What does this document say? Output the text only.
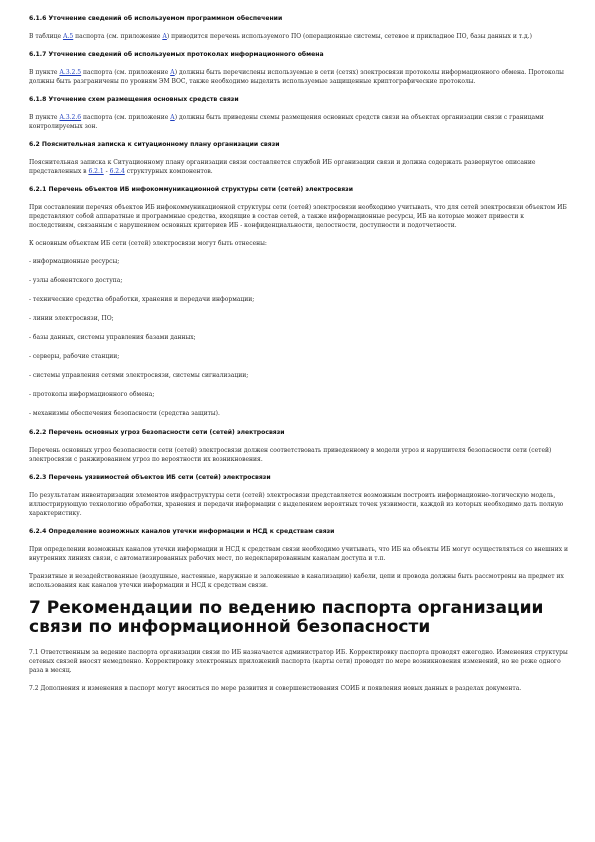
6.1.6 Уточнение сведений об используемом программном обеспечении
В таблице А.5 паспорта (см. приложение А) приводится перечень используемого ПО (операционные системы, сетевое и прикладное ПО, базы данных и т.д.)
6.1.7 Уточнение сведений об используемых протоколах информационного обмена
В пункте А.3.2.5 паспорта (см. приложение А) должны быть перечислены используемые в сети (сетях) электросвязи протоколы информационного обмена. Протоколы должны быть разграничены по уровням ЭМ ВОС, также необходимо выделить используемые защищенные криптографические протоколы.
6.1.8 Уточнение схем размещения основных средств связи
В пункте А.3.2.6 паспорта (см. приложение А) должны быть приведены схемы размещения основных средств связи на объектах организации связи с границами контролируемых зон.
6.2 Пояснительная записка к ситуационному плану организации связи
Пояснительная записка к Ситуационному плану организации связи составляется службой ИБ организации связи и должна содержать развернутое описание представленных в 6.2.1 - 6.2.4 структурных компонентов.
6.2.1 Перечень объектов ИБ инфокоммуникационной структуры сети (сетей) электросвязи
При составлении перечня объектов ИБ инфокоммуникационной структуры сети (сетей) электросвязи необходимо учитывать, что для сетей электросвязи объектом ИБ представляют собой аппаратные и программные средства, входящие в состав сетей, а также информационные ресурсы, ИБ на которые может привести к последствиям, связанным с нарушением основных критериев ИБ - конфиденциальности, целостности, доступности и подотчетности.
К основным объектам ИБ сети (сетей) электросвязи могут быть отнесены:
- информационные ресурсы;
- узлы абонентского доступа;
- технические средства обработки, хранения и передачи информации;
- линии электросвязи, ПО;
- базы данных, системы управления базами данных;
- серверы, рабочие станции;
- системы управления сетями электросвязи, системы сигнализации;
- протоколы информационного обмена;
- механизмы обеспечения безопасности (средства защиты).
6.2.2 Перечень основных угроз безопасности сети (сетей) электросвязи
Перечень основных угроз безопасности сети (сетей) электросвязи должен соответствовать приведенному в модели угроз и нарушителя безопасности сети (сетей) электросвязи с ранжированием угроз по вероятности их возникновения.
6.2.3 Перечень уязвимостей объектов ИБ сети (сетей) электросвязи
По результатам инвентаризации элементов инфраструктуры сети (сетей) электросвязи представляется возможным построить информационно-логическую модель, иллюстрирующую технологию обработки, хранения и передачи информации с выделением вероятных точек уязвимости, каждой из которых необходимо дать полную характеристику.
6.2.4 Определение возможных каналов утечки информации и НСД к средствам связи
При определении возможных каналов утечки информации и НСД к средствам связи необходимо учитывать, что ИБ на объекты ИБ могут осуществляться со внешних и внутренних линиях связи, с автоматизированных рабочих мест, по недекларированным каналам доступа и т.п.
Транзитные и незадействованные (воздушные, настенные, наружные и заложенные в канализацию) кабели, цепи и провода должны быть рассмотрены на предмет их использования как каналов утечки информации и НСД к средствам связи.
7 Рекомендации по ведению паспорта организации связи по информационной безопасности
7.1 Ответственным за ведение паспорта организации связи по ИБ назначается администратор ИБ. Корректировку паспорта проводят ежегодно. Изменения структуры сетевых связей вносят немедленно. Корректировку электронных приложений паспорта (карты сети) проводят по мере возникновения изменений, но не реже одного раза в месяц.
7.2 Дополнения и изменения в паспорт могут вноситься по мере развития и совершенствования СОИБ и появления новых данных в разделах документа.
